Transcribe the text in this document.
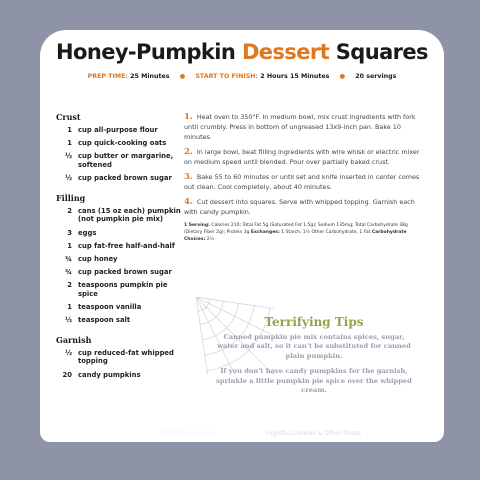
Honey-Pumpkin Dessert Squares
PREP TIME: 25 Minutes ● START TO FINISH: 2 Hours 15 Minutes ● 20 servings
Crust
1 cup all-purpose flour
1 cup quick-cooking oats
½ cup butter or margarine, softened
½ cup packed brown sugar
Filling
2 cans (15 oz each) pumpkin (not pumpkin pie mix)
3 eggs
1 cup fat-free half-and-half
¾ cup honey
¾ cup packed brown sugar
2 teaspoons pumpkin pie spice
1 teaspoon vanilla
½ teaspoon salt
Garnish
½ cup reduced-fat whipped topping
20 candy pumpkins
1. Heat oven to 350°F. In medium bowl, mix crust ingredients with fork until crumbly. Press in bottom of ungreased 13x9-inch pan. Bake 10 minutes.
2. In large bowl, beat filling ingredients with wire whisk or electric mixer on medium speed until blended. Pour over partially baked crust.
3. Bake 55 to 60 minutes or until set and knife inserted in center comes out clean. Cool completely, about 40 minutes.
4. Cut dessert into squares. Serve with whipped topping. Garnish each with candy pumpkin.
1 Serving: Calories 210; Total Fat 5g (Saturated Fat 1.5g); Sodium 135mg; Total Carbohydrate 38g (Dietary Fiber 2g); Protein 3g Exchanges: 1 Starch, 1½ Other Carbohydrate, 1 Fat Carbohydrate Choices: 2½
Terrifying Tips

Canned pumpkin pie mix contains spices, sugar, water and salt, so it can't be substituted for canned plain pumpkin.

If you don't have candy pumpkins for the garnish, sprinkle a little pumpkin pie spice over the whipped cream.

BettyCrocker.com ● 176 ● Frightful Cookies & Other Treats
